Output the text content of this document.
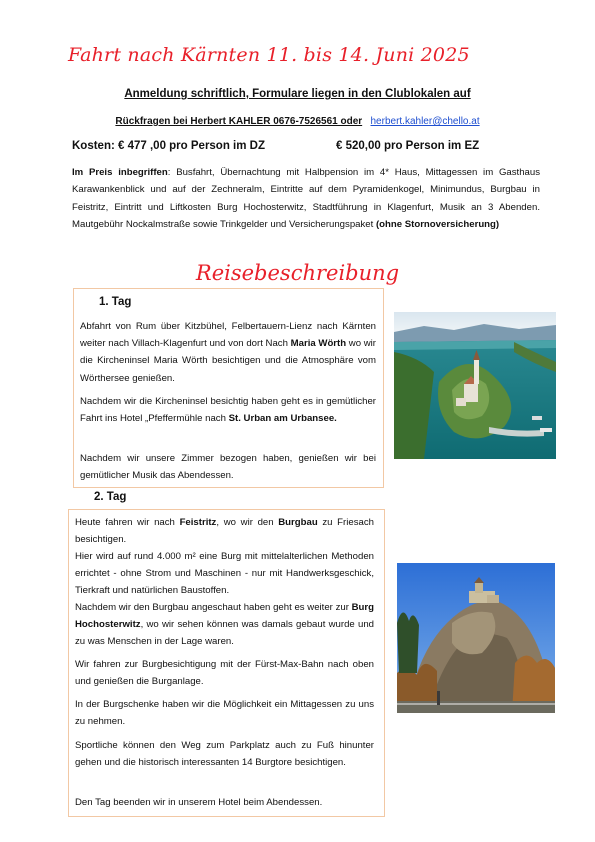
Fahrt nach Kärnten 11. bis 14. Juni 2025
Anmeldung schriftlich, Formulare liegen in den Clublokalen auf
Rückfragen bei Herbert KAHLER 0676-7526561 oder herbert.kahler@chello.at
Kosten: € 477 ,00 pro Person im DZ	€ 520,00 pro Person im EZ
Im Preis inbegriffen: Busfahrt, Übernachtung mit Halbpension im 4* Haus, Mittagessen im Gasthaus Karawankenblick und auf der Zechneralm, Eintritte auf dem Pyramidenkogel, Minimundus, Burgbau in Feistritz, Eintritt und Liftkosten Burg Hochosterwitz, Stadtführung in Klagenfurt, Musik an 3 Abenden. Mautgebühr Nockalmstraße sowie Trinkgelder und Versicherungspaket (ohne Stornoversicherung)
Reisebeschreibung
1. Tag
Abfahrt von Rum über Kitzbühel, Felbertauern-Lienz nach Kärnten weiter nach Villach-Klagenfurt und von dort Nach Maria Wörth wo wir die Kircheninsel Maria Wörth besichtigen und die Atmosphäre vom Wörthersee genießen.
Nachdem wir die Kircheninsel besichtig haben geht es in gemütlicher Fahrt ins Hotel „Pfeffermühle nach St. Urban am Urbansee.
Nachdem wir unsere Zimmer bezogen haben, genießen wir bei gemütlicher Musik das Abendessen.
2. Tag
Heute fahren wir nach Feistritz, wo wir den Burgbau zu Friesach besichtigen.
Hier wird auf rund 4.000 m² eine Burg mit mittelalterlichen Methoden errichtet - ohne Strom und Maschinen - nur mit Handwerksgeschick, Tierkraft und natürlichen Baustoffen.
Nachdem wir den Burgbau angeschaut haben geht es weiter zur Burg Hochosterwitz, wo wir sehen können was damals gebaut wurde und zu was Menschen in der Lage waren.
Wir fahren zur Burgbesichtigung mit der Fürst-Max-Bahn nach oben und genießen die Burganlage.
In der Burgschenke haben wir die Möglichkeit ein Mittagessen zu uns zu nehmen.
Sportliche können den Weg zum Parkplatz auch zu Fuß hinunter gehen und die historisch interessanten 14 Burgtore besichtigen.
Den Tag beenden wir in unserem Hotel beim Abendessen.
